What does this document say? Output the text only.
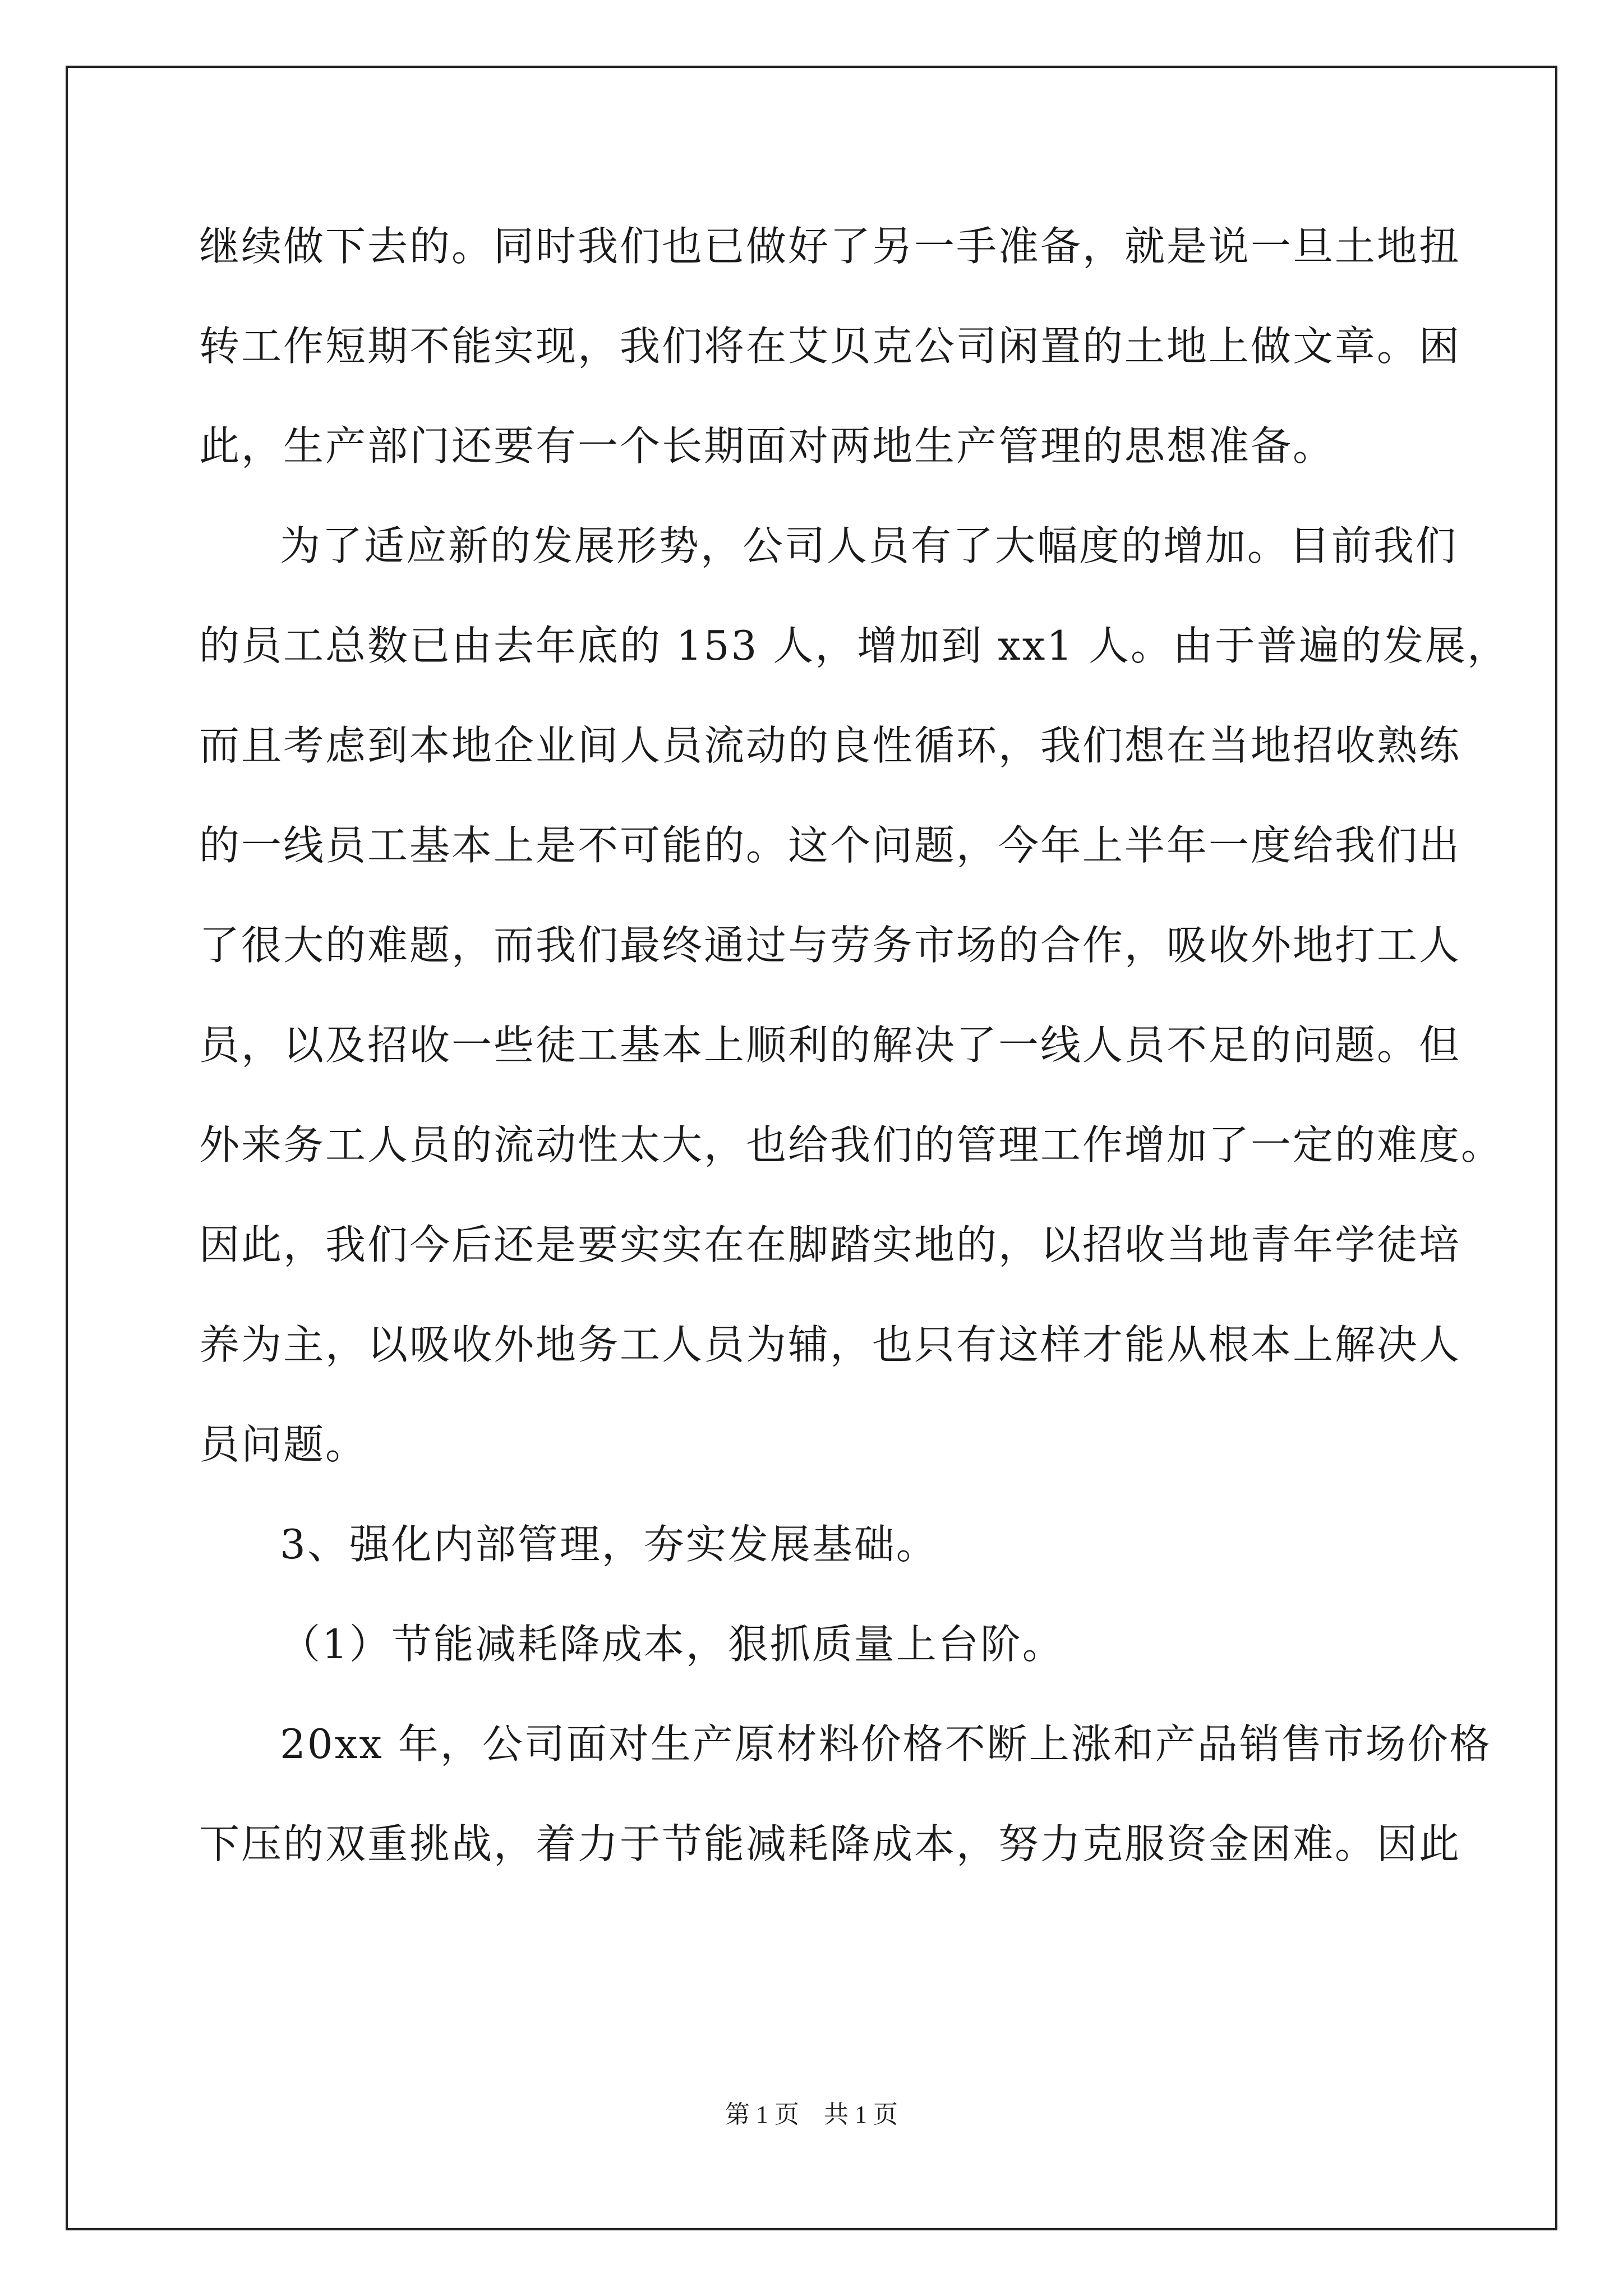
继续做下去的。同时我们也已做好了另一手准备，就是说一旦土地扭
转工作短期不能实现，我们将在艾贝克公司闲置的土地上做文章。困
此，生产部门还要有一个长期面对两地生产管理的思想准备。
为了适应新的发展形势，公司人员有了大幅度的增加。目前我们
的员工总数已由去年底的 153 人，增加到 xx1 人。由于普遍的发展，
而且考虑到本地企业间人员流动的良性循环，我们想在当地招收熟练
的一线员工基本上是不可能的。这个问题，今年上半年一度给我们出
了很大的难题，而我们最终通过与劳务市场的合作，吸收外地打工人
员，以及招收一些徒工基本上顺利的解决了一线人员不足的问题。但
外来务工人员的流动性太大，也给我们的管理工作增加了一定的难度。
因此，我们今后还是要实实在在脚踏实地的，以招收当地青年学徒培
养为主，以吸收外地务工人员为辅，也只有这样才能从根本上解决人
员问题。
3、强化内部管理，夯实发展基础。
（1）节能减耗降成本，狠抓质量上台阶。
20xx 年，公司面对生产原材料价格不断上涨和产品销售市场价格
下压的双重挑战，着力于节能减耗降成本，努力克服资金困难。因此
第 1 页    共 1 页
